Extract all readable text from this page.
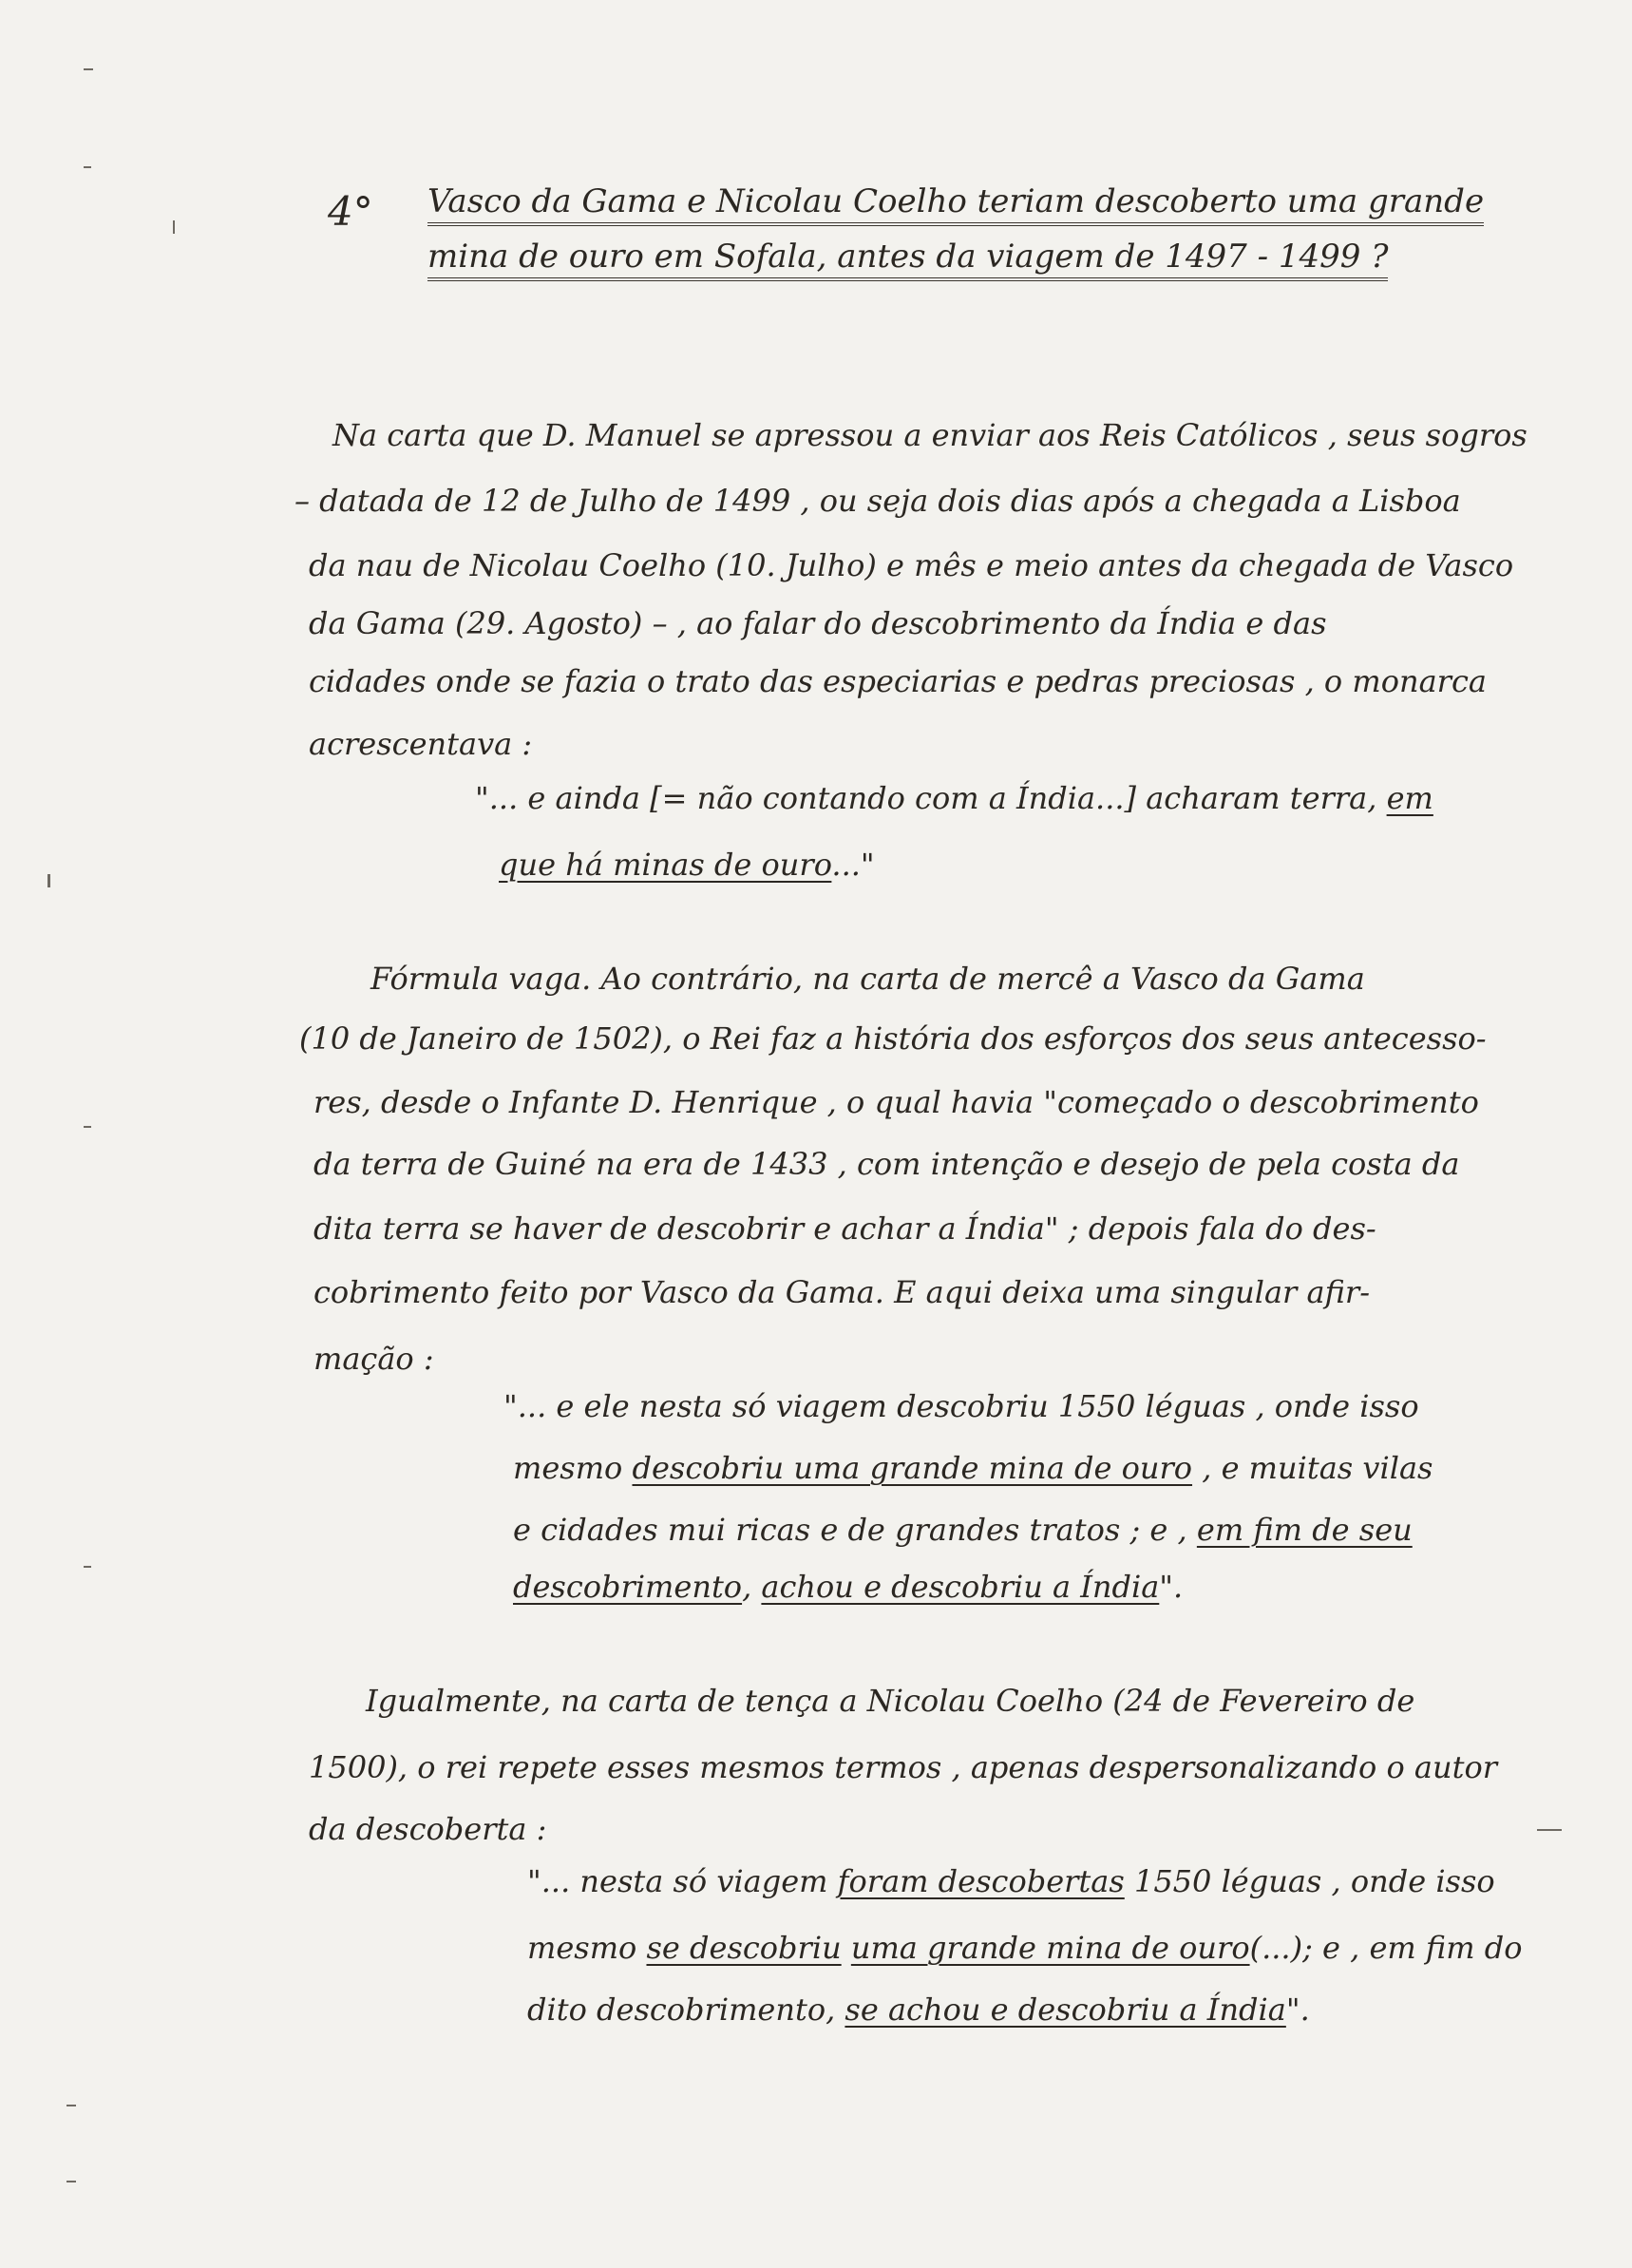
4° Vasco da Gama e Nicolau Coelho teriam descoberto uma grande
mina de ouro em Sofala, antes da viagem de 1497 - 1499 ?
Na carta que D. Manuel se apressou a enviar aos Reis Católicos , seus sogros
– datada de 12 de Julho de 1499 , ou seja dois dias após a chegada a Lisboa
da nau de Nicolau Coelho (10. Julho) e mês e meio antes da chegada de Vasco
da Gama (29. Agosto) – , ao falar do descobrimento da Índia e das
cidades onde se fazia o trato das especiarias e pedras preciosas , o monarca
acrescentava :
"... e ainda [= não contando com a Índia...] acharam terra, em
que há minas de ouro..."
Fórmula vaga. Ao contrário, na carta de mercê a Vasco da Gama
(10 de Janeiro de 1502), o Rei faz a história dos esforços dos seus antecesso-
res, desde o Infante D. Henrique , o qual havia "começado o descobrimento
da terra de Guiné na era de 1433 , com intenção e desejo de pela costa da
dita terra se haver de descobrir e achar a Índia" ; depois fala do des-
cobrimento feito por Vasco da Gama. E aqui deixa uma singular afir-
mação :
"... e ele nesta só viagem descobriu 1550 léguas , onde isso
mesmo descobriu uma grande mina de ouro , e muitas vilas
e cidades mui ricas e de grandes tratos ; e , em fim de seu
descobrimento, achou e descobriu a Índia".
Igualmente, na carta de tença a Nicolau Coelho (24 de Fevereiro de
1500), o rei repete esses mesmos termos , apenas despersonalizando o autor
da descoberta :
"... nesta só viagem foram descobertas 1550 léguas , onde isso
mesmo se descobriu uma grande mina de ouro(...); e , em fim do
dito descobrimento, se achou e descobriu a Índia".
